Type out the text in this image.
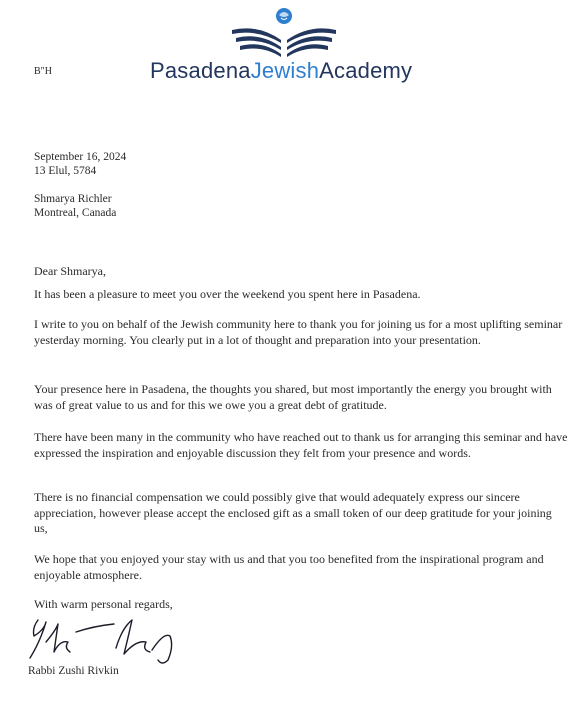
PasadenaJewishAcademy
B"H
September 16, 2024
13 Elul, 5784
Shmarya Richler
Montreal, Canada
Dear Shmarya,
It has been a pleasure to meet you over the weekend you spent here in Pasadena.
I write to you on behalf of the Jewish community here to thank you for joining us for a most uplifting seminar yesterday morning. You clearly put in a lot of thought and preparation into your presentation.
Your presence here in Pasadena, the thoughts you shared, but most importantly the energy you brought with was of great value to us and for this we owe you a great debt of gratitude.
There have been many in the community who have reached out to thank us for arranging this seminar and have expressed the inspiration and enjoyable discussion they felt from your presence and words.
There is no financial compensation we could possibly give that would adequately express our sincere appreciation, however please accept the enclosed gift as a small token of our deep gratitude for your joining us,
We hope that you enjoyed your stay with us and that you too benefited from the inspirational program and enjoyable atmosphere.
With warm personal regards,
Rabbi Zushi Rivkin
